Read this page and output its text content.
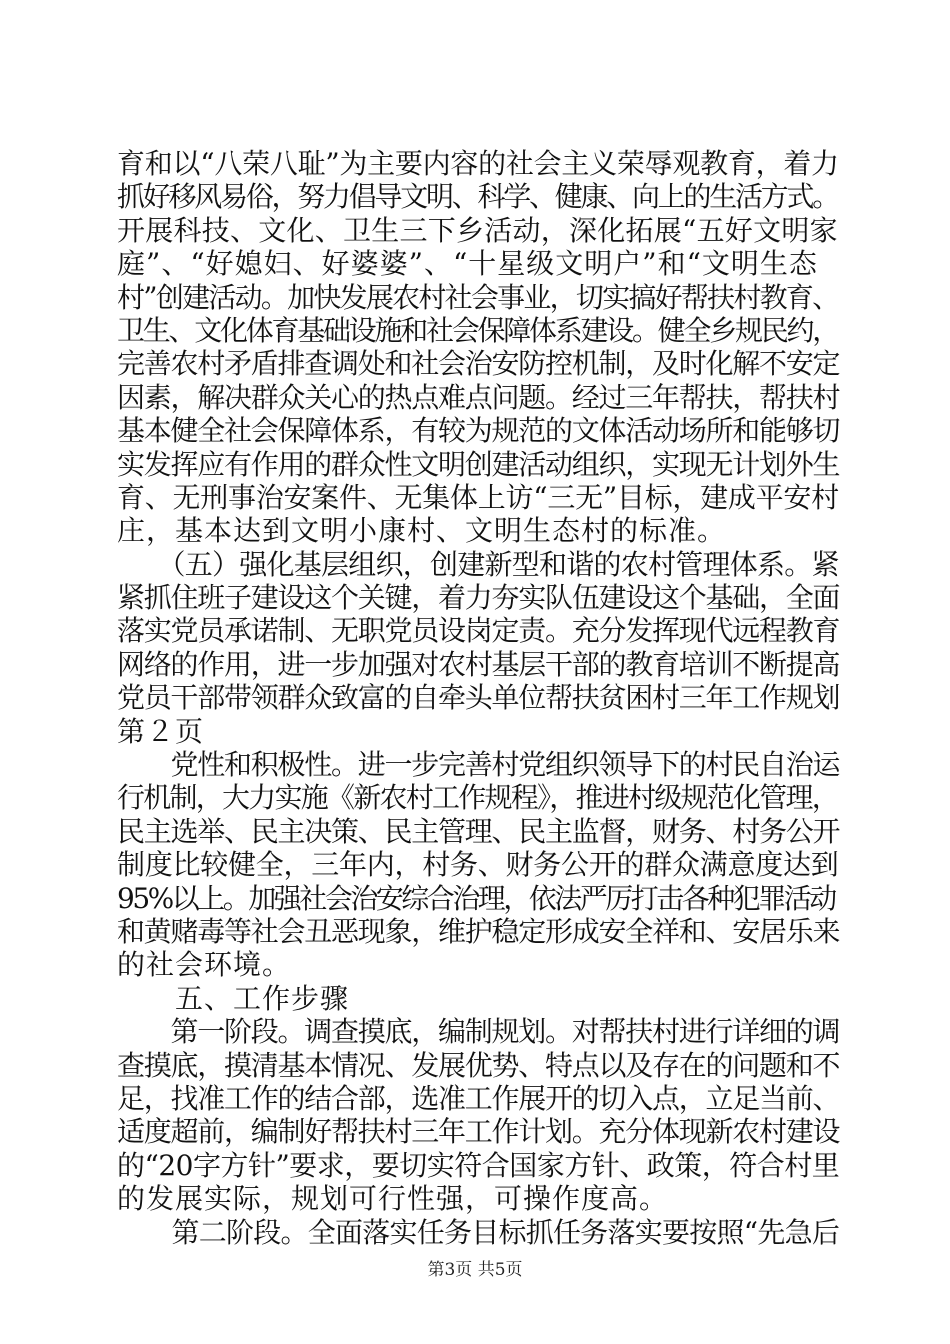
育和以“八荣八耻”为主要内容的社会主义荣辱观教育，着力
抓好移风易俗，努力倡导文明、科学、健康、向上的生活方式。
开展科技、文化、卫生三下乡活动，深化拓展“五好文明家
庭”、“好媳妇、好婆婆”、“十星级文明户”和“文明生态
村”创建活动。加快发展农村社会事业，切实搞好帮扶村教育、
卫生、文化体育基础设施和社会保障体系建设。健全乡规民约，
完善农村矛盾排查调处和社会治安防控机制，及时化解不安定
因素，解决群众关心的热点难点问题。经过三年帮扶，帮扶村
基本健全社会保障体系，有较为规范的文体活动场所和能够切
实发挥应有作用的群众性文明创建活动组织，实现无计划外生
育、无刑事治安案件、无集体上访“三无”目标，建成平安村
庄，基本达到文明小康村、文明生态村的标准。
　　（五）强化基层组织，创建新型和谐的农村管理体系。紧
紧抓住班子建设这个关键，着力夯实队伍建设这个基础，全面
落实党员承诺制、无职党员设岗定责。充分发挥现代远程教育
网络的作用，进一步加强对农村基层干部的教育培训不断提高
党员干部带领群众致富的自牵头单位帮扶贫困村三年工作规划
第２页
　　党性和积极性。进一步完善村党组织领导下的村民自治运
行机制，大力实施《新农村工作规程》，推进村级规范化管理，
民主选举、民主决策、民主管理、民主监督，财务、村务公开
制度比较健全，三年内，村务、财务公开的群众满意度达到
95%以上。加强社会治安综合治理，依法严厉打击各种犯罪活动
和黄赌毒等社会丑恶现象，维护稳定形成安全祥和、安居乐来
的社会环境。
　　五、工作步骤
　　第一阶段。调查摸底，编制规划。对帮扶村进行详细的调
查摸底，摸清基本情况、发展优势、特点以及存在的问题和不
足，找准工作的结合部，选准工作展开的切入点，立足当前、
适度超前，编制好帮扶村三年工作计划。充分体现新农村建设
的“20字方针”要求，要切实符合国家方针、政策，符合村里
的发展实际，规划可行性强，可操作度高。
　　第二阶段。全面落实任务目标抓任务落实要按照“先急后
第3页 共5页
